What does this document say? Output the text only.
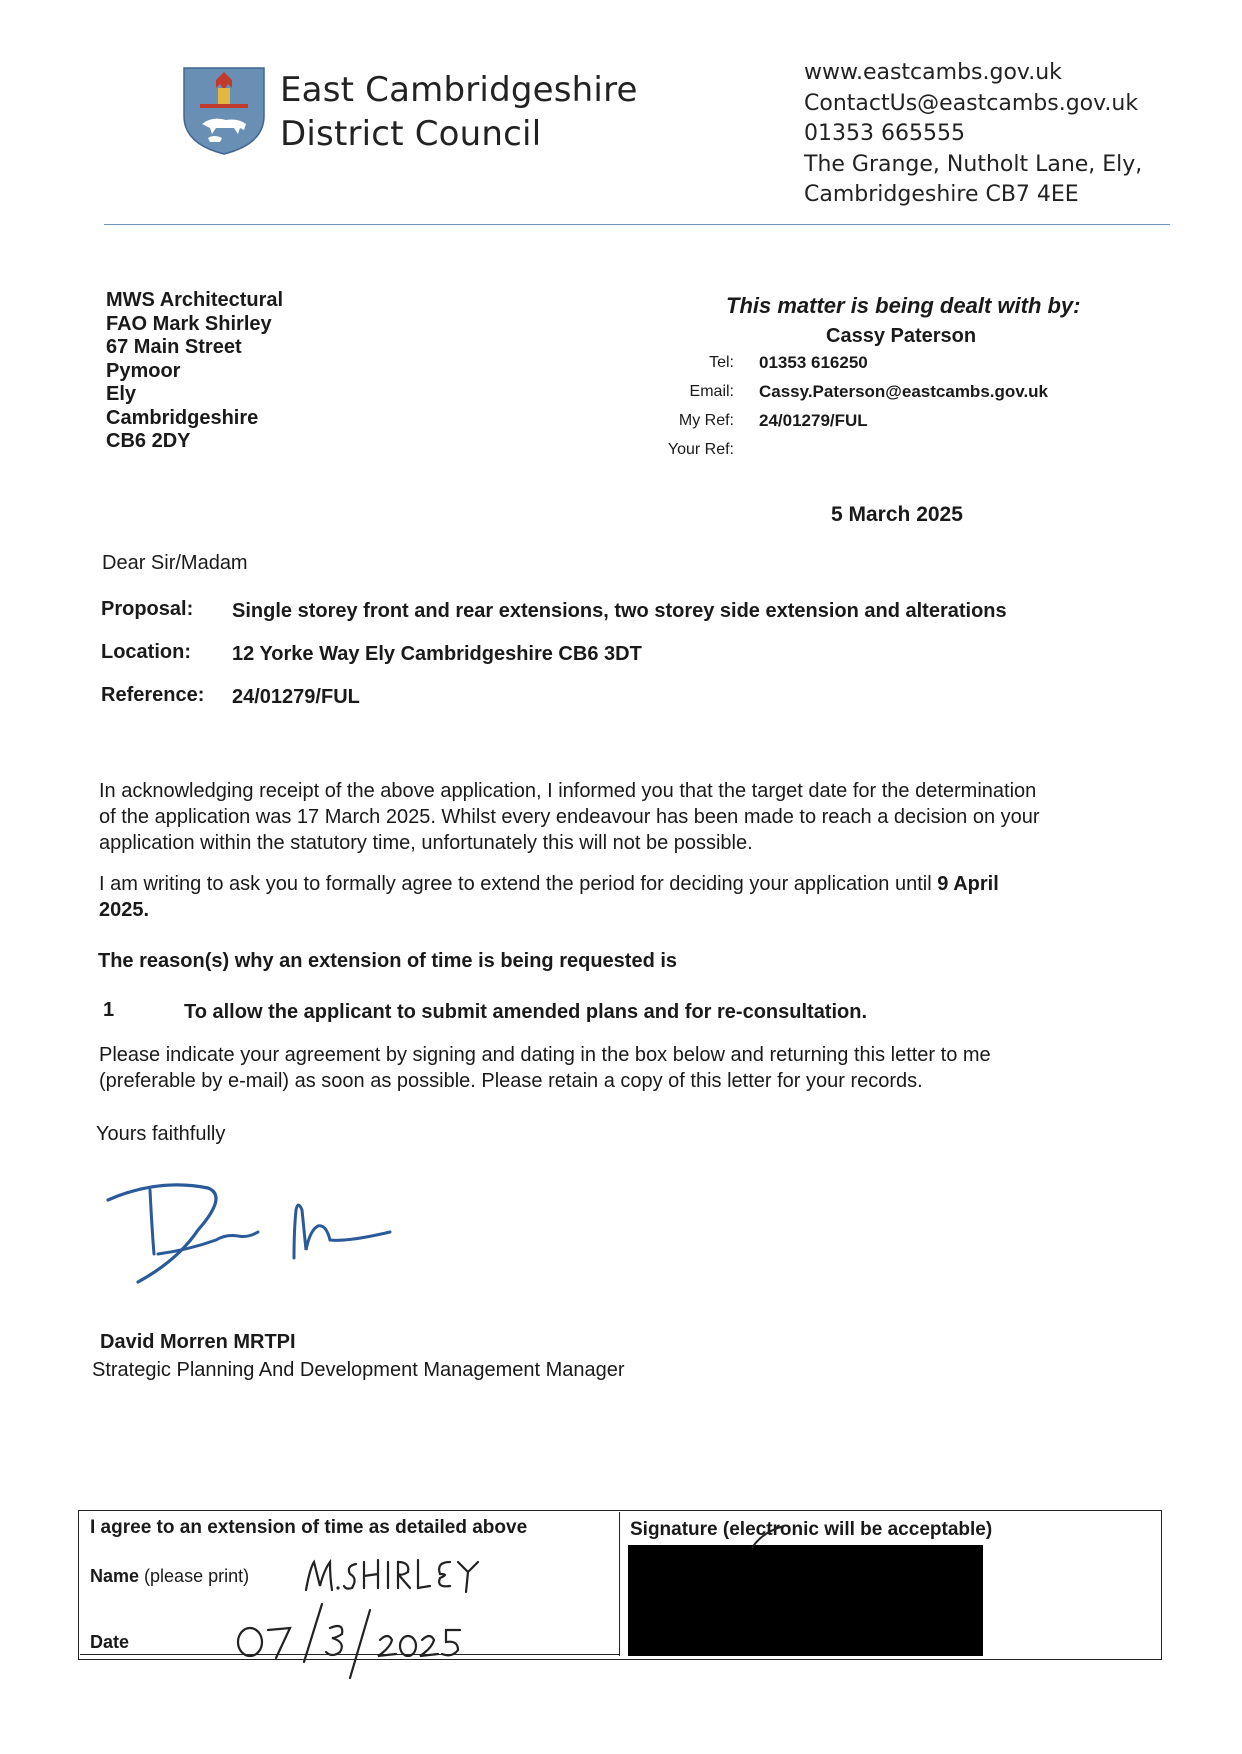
East Cambridgeshire
District Council
www.eastcambs.gov.uk
ContactUs@eastcambs.gov.uk
01353 665555
The Grange, Nutholt Lane, Ely,
Cambridgeshire CB7 4EE
MWS Architectural
FAO Mark Shirley
67 Main Street
Pymoor
Ely
Cambridgeshire
CB6 2DY
This matter is being dealt with by:
Cassy Paterson
Tel: 01353 616250
Email: Cassy.Paterson@eastcambs.gov.uk
My Ref: 24/01279/FUL
Your Ref:
5 March 2025
Dear Sir/Madam
Proposal: Single storey front and rear extensions, two storey side extension and alterations
Location: 12 Yorke Way Ely Cambridgeshire CB6 3DT
Reference: 24/01279/FUL
In acknowledging receipt of the above application, I informed you that the target date for the determination
of the application was 17 March 2025. Whilst every endeavour has been made to reach a decision on your
application within the statutory time, unfortunately this will not be possible.
I am writing to ask you to formally agree to extend the period for deciding your application until 9 April
2025.
The reason(s) why an extension of time is being requested is
1	To allow the applicant to submit amended plans and for re-consultation.
Please indicate your agreement by signing and dating in the box below and returning this letter to me
(preferable by e-mail) as soon as possible. Please retain a copy of this letter for your records.
Yours faithfully
David Morren MRTPI
Strategic Planning And Development Management Manager
I agree to an extension of time as detailed above
Name (please print)
Date
Signature (electronic will be acceptable)
